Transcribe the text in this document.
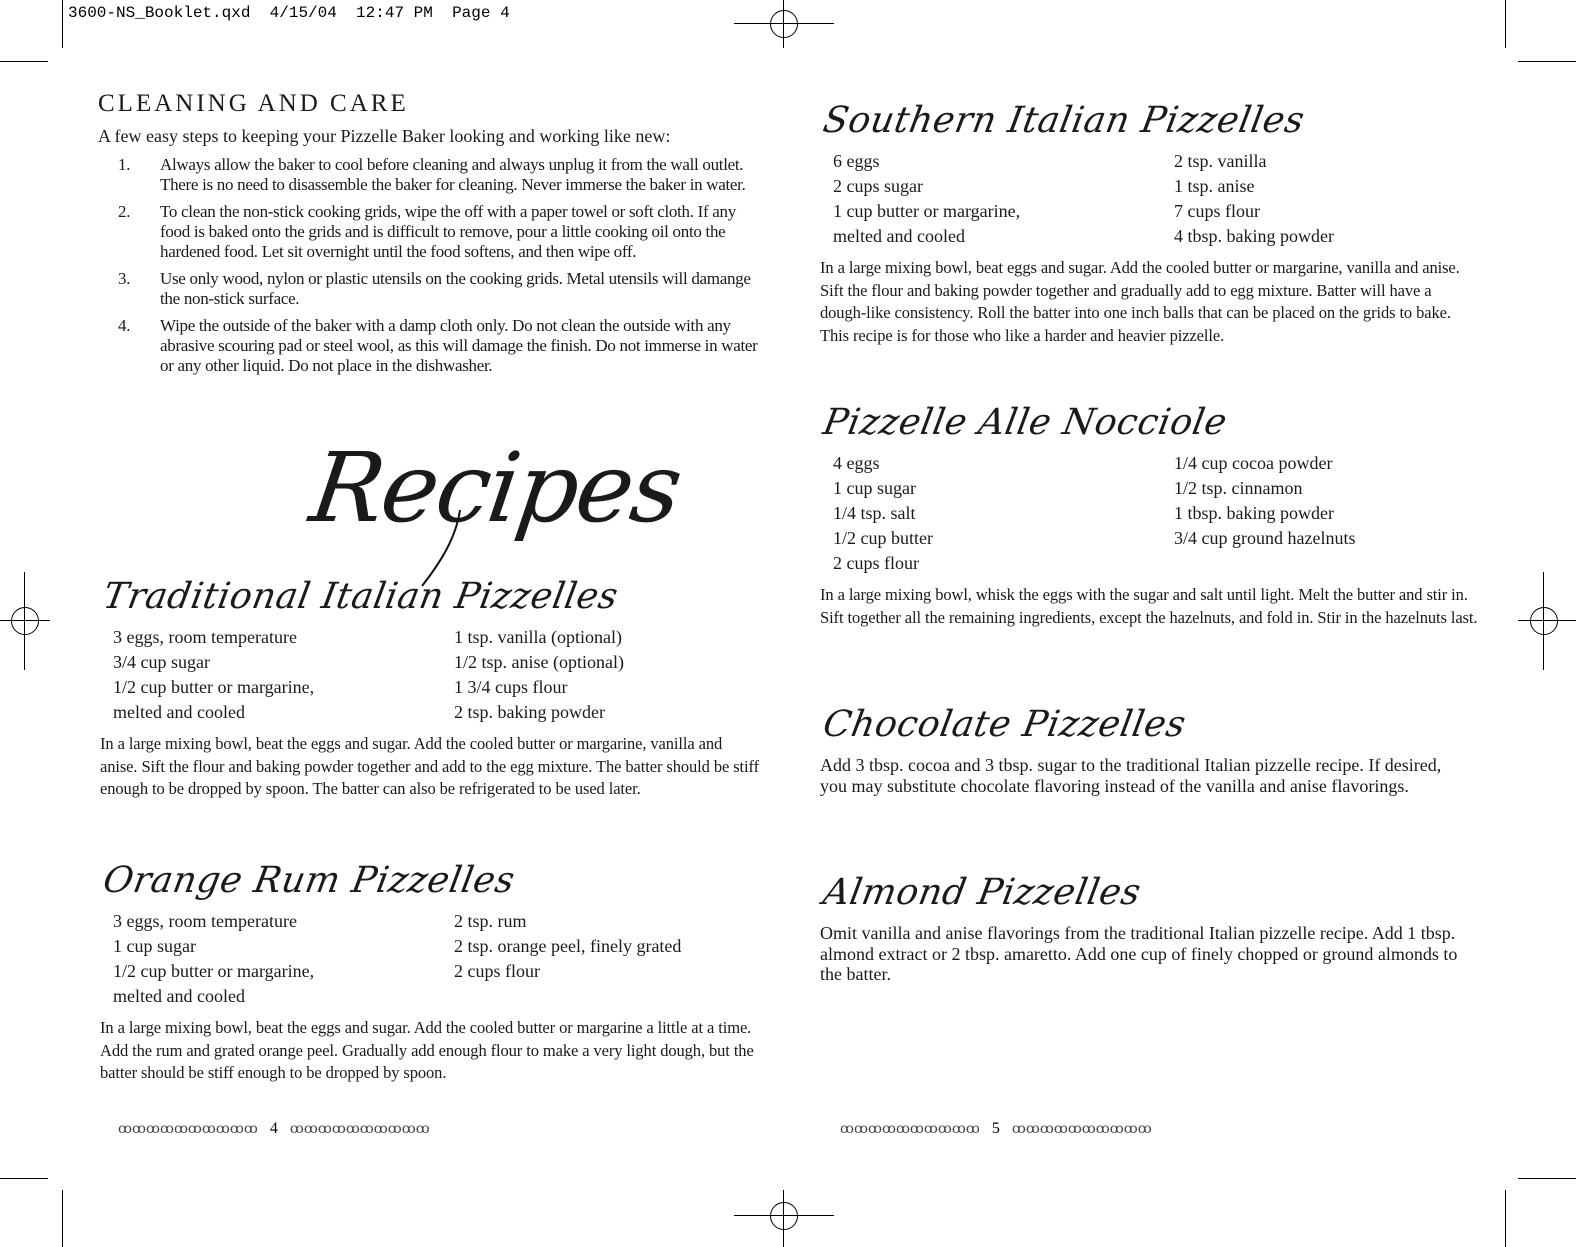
3600-NS_Booklet.qxd  4/15/04  12:47 PM  Page 4
CLEANING AND CARE
A few easy steps to keeping your Pizzelle Baker looking and working like new:
1.	Always allow the baker to cool before cleaning and always unplug it from the wall outlet. There is no need to disassemble the baker for cleaning. Never immerse the baker in water.
2.	To clean the non-stick cooking grids, wipe the off with a paper towel or soft cloth. If any food is baked onto the grids and is difficult to remove, pour a little cooking oil onto the hardened food. Let sit overnight until the food softens, and then wipe off.
3.	Use only wood, nylon or plastic utensils on the cooking grids. Metal utensils will damange the non-stick surface.
4.	Wipe the outside of the baker with a damp cloth only. Do not clean the outside with any abrasive scouring pad or steel wool, as this will damage the finish. Do not immerse in water or any other liquid. Do not place in the dishwasher.
Recipes
Traditional Italian Pizzelles
3 eggs, room temperature	1 tsp. vanilla (optional)
3/4 cup sugar	1/2 tsp. anise (optional)
1/2 cup butter or margarine,	1 3/4 cups flour
melted and cooled	2 tsp. baking powder
In a large mixing bowl, beat the eggs and sugar. Add the cooled butter or margarine, vanilla and anise. Sift the flour and baking powder together and add to the egg mixture. The batter should be stiff enough to be dropped by spoon. The batter can also be refrigerated to be used later.
Orange Rum Pizzelles
3 eggs, room temperature	2 tsp. rum
1 cup sugar	2 tsp. orange peel, finely grated
1/2 cup butter or margarine,	2 cups flour
melted and cooled
In a large mixing bowl, beat the eggs and sugar. Add the cooled butter or margarine a little at a time. Add the rum and grated orange peel. Gradually add enough flour to make a very light dough, but the batter should be stiff enough to be dropped by spoon.
Southern Italian Pizzelles
6 eggs	2 tsp. vanilla
2 cups sugar	1 tsp. anise
1 cup butter or margarine,	7 cups flour
melted and cooled	4 tbsp. baking powder
In a large mixing bowl, beat eggs and sugar. Add the cooled butter or margarine, vanilla and anise. Sift the flour and baking powder together and gradually add to egg mixture. Batter will have a dough-like consistency. Roll the batter into one inch balls that can be placed on the grids to bake. This recipe is for those who like a harder and heavier pizzelle.
Pizzelle Alle Nocciole
4 eggs	1/4 cup cocoa powder
1 cup sugar	1/2 tsp. cinnamon
1/4 tsp. salt	1 tbsp. baking powder
1/2 cup butter	3/4 cup ground hazelnuts
2 cups flour
In a large mixing bowl, whisk the eggs with the sugar and salt until light. Melt the butter and stir in. Sift together all the remaining ingredients, except the hazelnuts, and fold in. Stir in the hazelnuts last.
Chocolate Pizzelles
Add 3 tbsp. cocoa and 3 tbsp. sugar to the traditional Italian pizzelle recipe. If desired, you may substitute chocolate flavoring instead of the vanilla and anise flavorings.
Almond Pizzelles
Omit vanilla and anise flavorings from the traditional Italian pizzelle recipe. Add 1 tbsp. almond extract or 2 tbsp. amaretto. Add one cup of finely chopped or ground almonds to the batter.
ꝏꝏꝏꝏꝏꝏꝏꝏꝏꝏ 4 ꝏꝏꝏꝏꝏꝏꝏꝏꝏꝏ	ꝏꝏꝏꝏꝏꝏꝏꝏꝏꝏ 5 ꝏꝏꝏꝏꝏꝏꝏꝏꝏꝏ
